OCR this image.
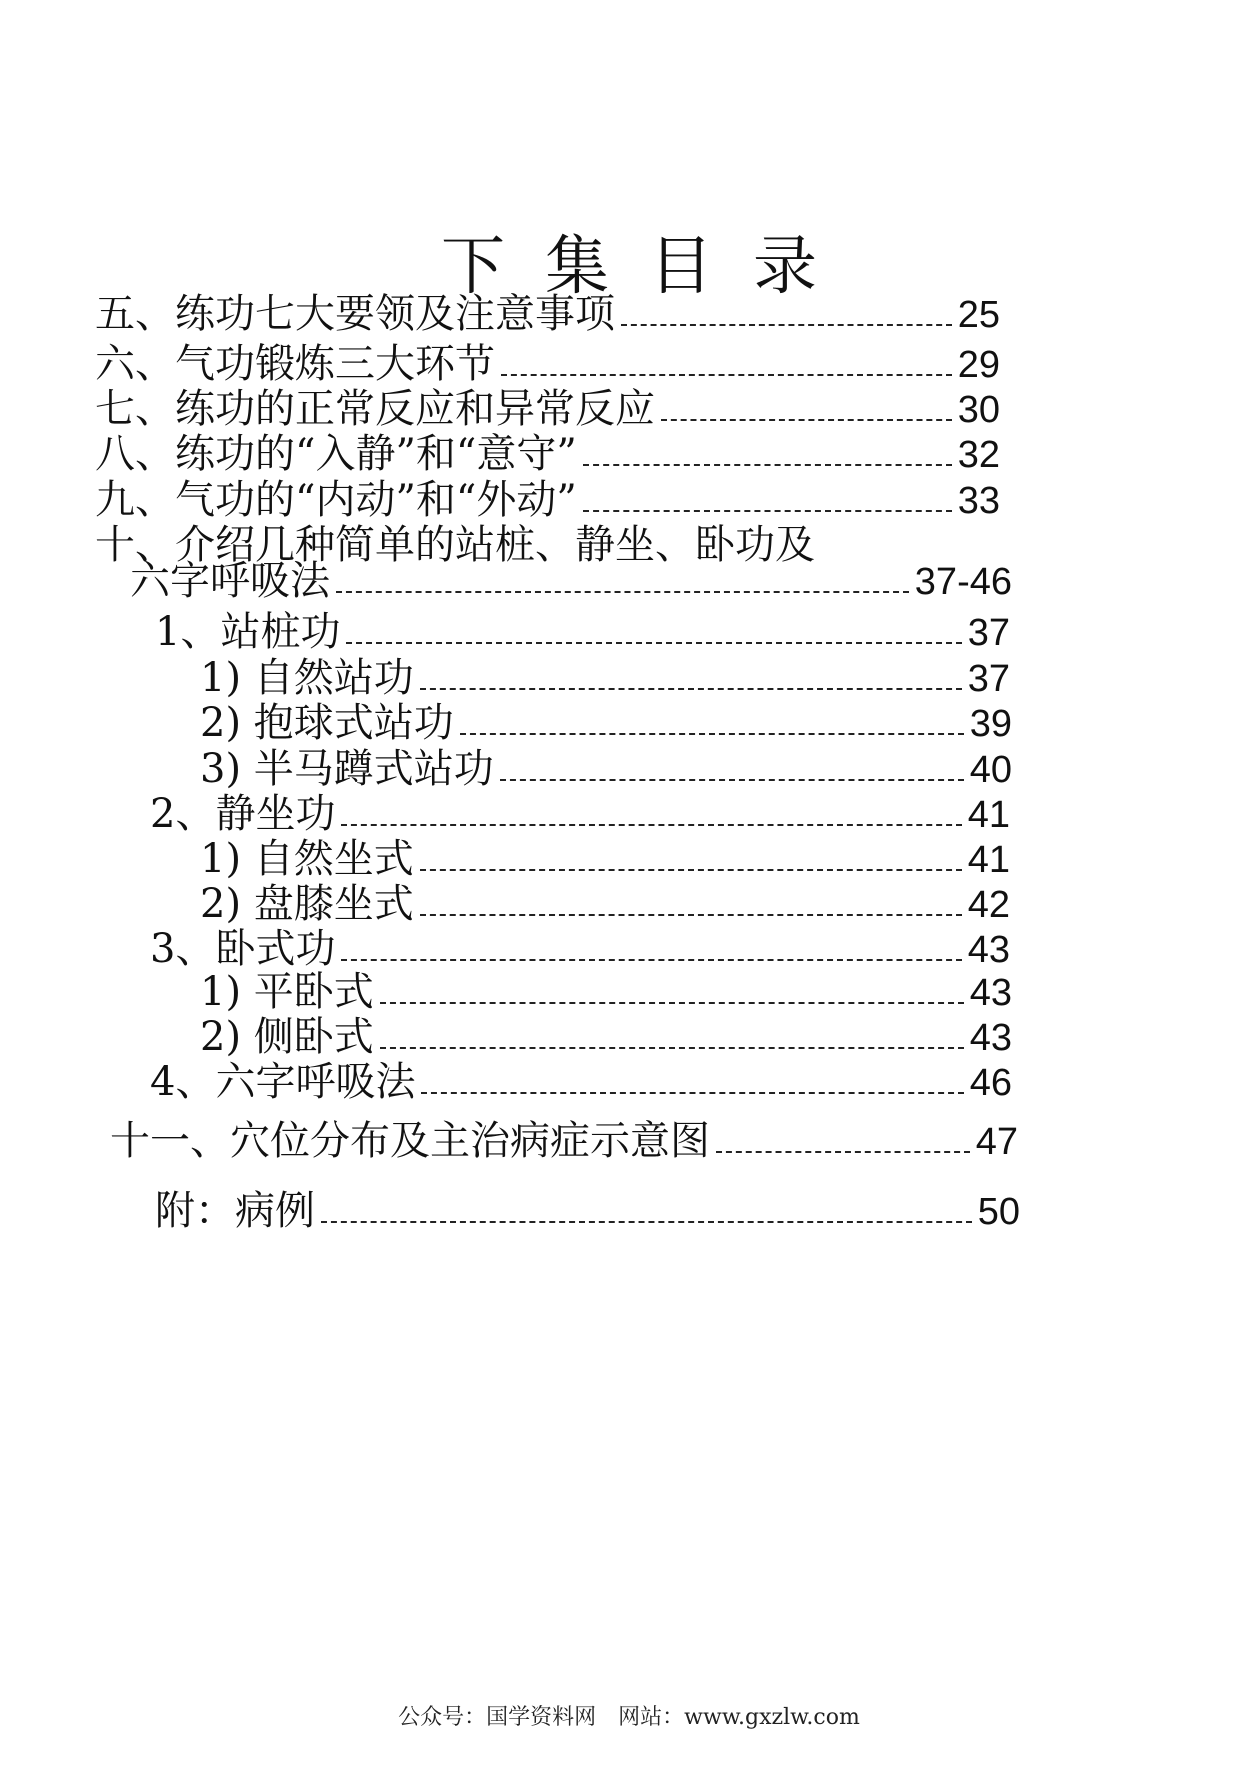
下集目录
五、练功七大要领及注意事项	25
六、气功锻炼三大环节	29
七、练功的正常反应和异常反应	30
八、练功的“入静”和“意守”	32
九、气功的“内动”和“外动”	33
十、介绍几种简单的站桩、静坐、卧功及
六字呼吸法	37-46
1、站桩功	37
1) 自然站功	37
2) 抱球式站功	39
3) 半马蹲式站功	40
2、静坐功	41
1) 自然坐式	41
2) 盘膝坐式	42
3、卧式功	43
1) 平卧式	43
2) 侧卧式	43
4、六字呼吸法	46
十一、穴位分布及主治病症示意图	47
附：病例	50
公众号：国学资料网　网站：www.gxzlw.com
